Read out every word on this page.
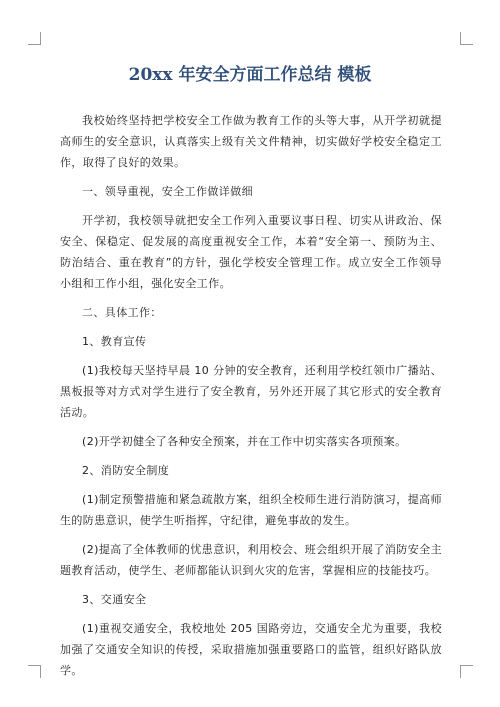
20xx 年安全方面工作总结 模板

我校始终坚持把学校安全工作做为教育工作的头等大事，从开学初就提高师生的安全意识，认真落实上级有关文件精神，切实做好学校安全稳定工作，取得了良好的效果。

一、领导重视，安全工作做详做细

开学初，我校领导就把安全工作列入重要议事日程、切实从讲政治、保安全、保稳定、促发展的高度重视安全工作，本着“安全第一、预防为主、防治结合、重在教育”的方针，强化学校安全管理工作。成立安全工作领导小组和工作小组，强化安全工作。

二、具体工作：

1、教育宣传

(1)我校每天坚持早晨 10 分钟的安全教育，还利用学校红领巾广播站、黑板报等对方式对学生进行了安全教育，另外还开展了其它形式的安全教育活动。

(2)开学初健全了各种安全预案，并在工作中切实落实各项预案。

2、消防安全制度

(1)制定预警措施和紧急疏散方案，组织全校师生进行消防演习，提高师生的防患意识，使学生听指挥，守纪律，避免事故的发生。

(2)提高了全体教师的忧患意识，利用校会、班会组织开展了消防安全主题教育活动，使学生、老师都能认识到火灾的危害，掌握相应的技能技巧。

3、交通安全

(1)重视交通安全，我校地处 205 国路旁边，交通安全尤为重要，我校加强了交通安全知识的传授，采取措施加强重要路口的监管，组织好路队放学。
